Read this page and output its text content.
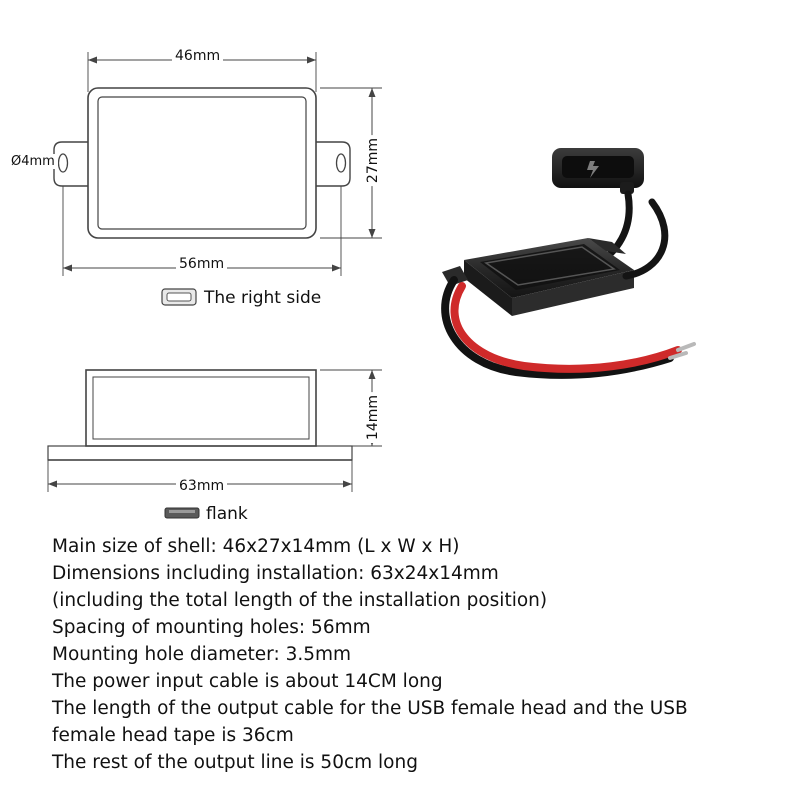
46mm
27mm
56mm
Ø4mm
The right side
14mm
63mm
flank
Main size of shell: 46x27x14mm (L x W x H)
Dimensions including installation: 63x24x14mm
(including the total length of the installation position)
Spacing of mounting holes: 56mm
Mounting hole diameter: 3.5mm
The power input cable is about 14CM long
The length of the output cable for the USB female head and the USB
female head tape is 36cm
The rest of the output line is 50cm long
